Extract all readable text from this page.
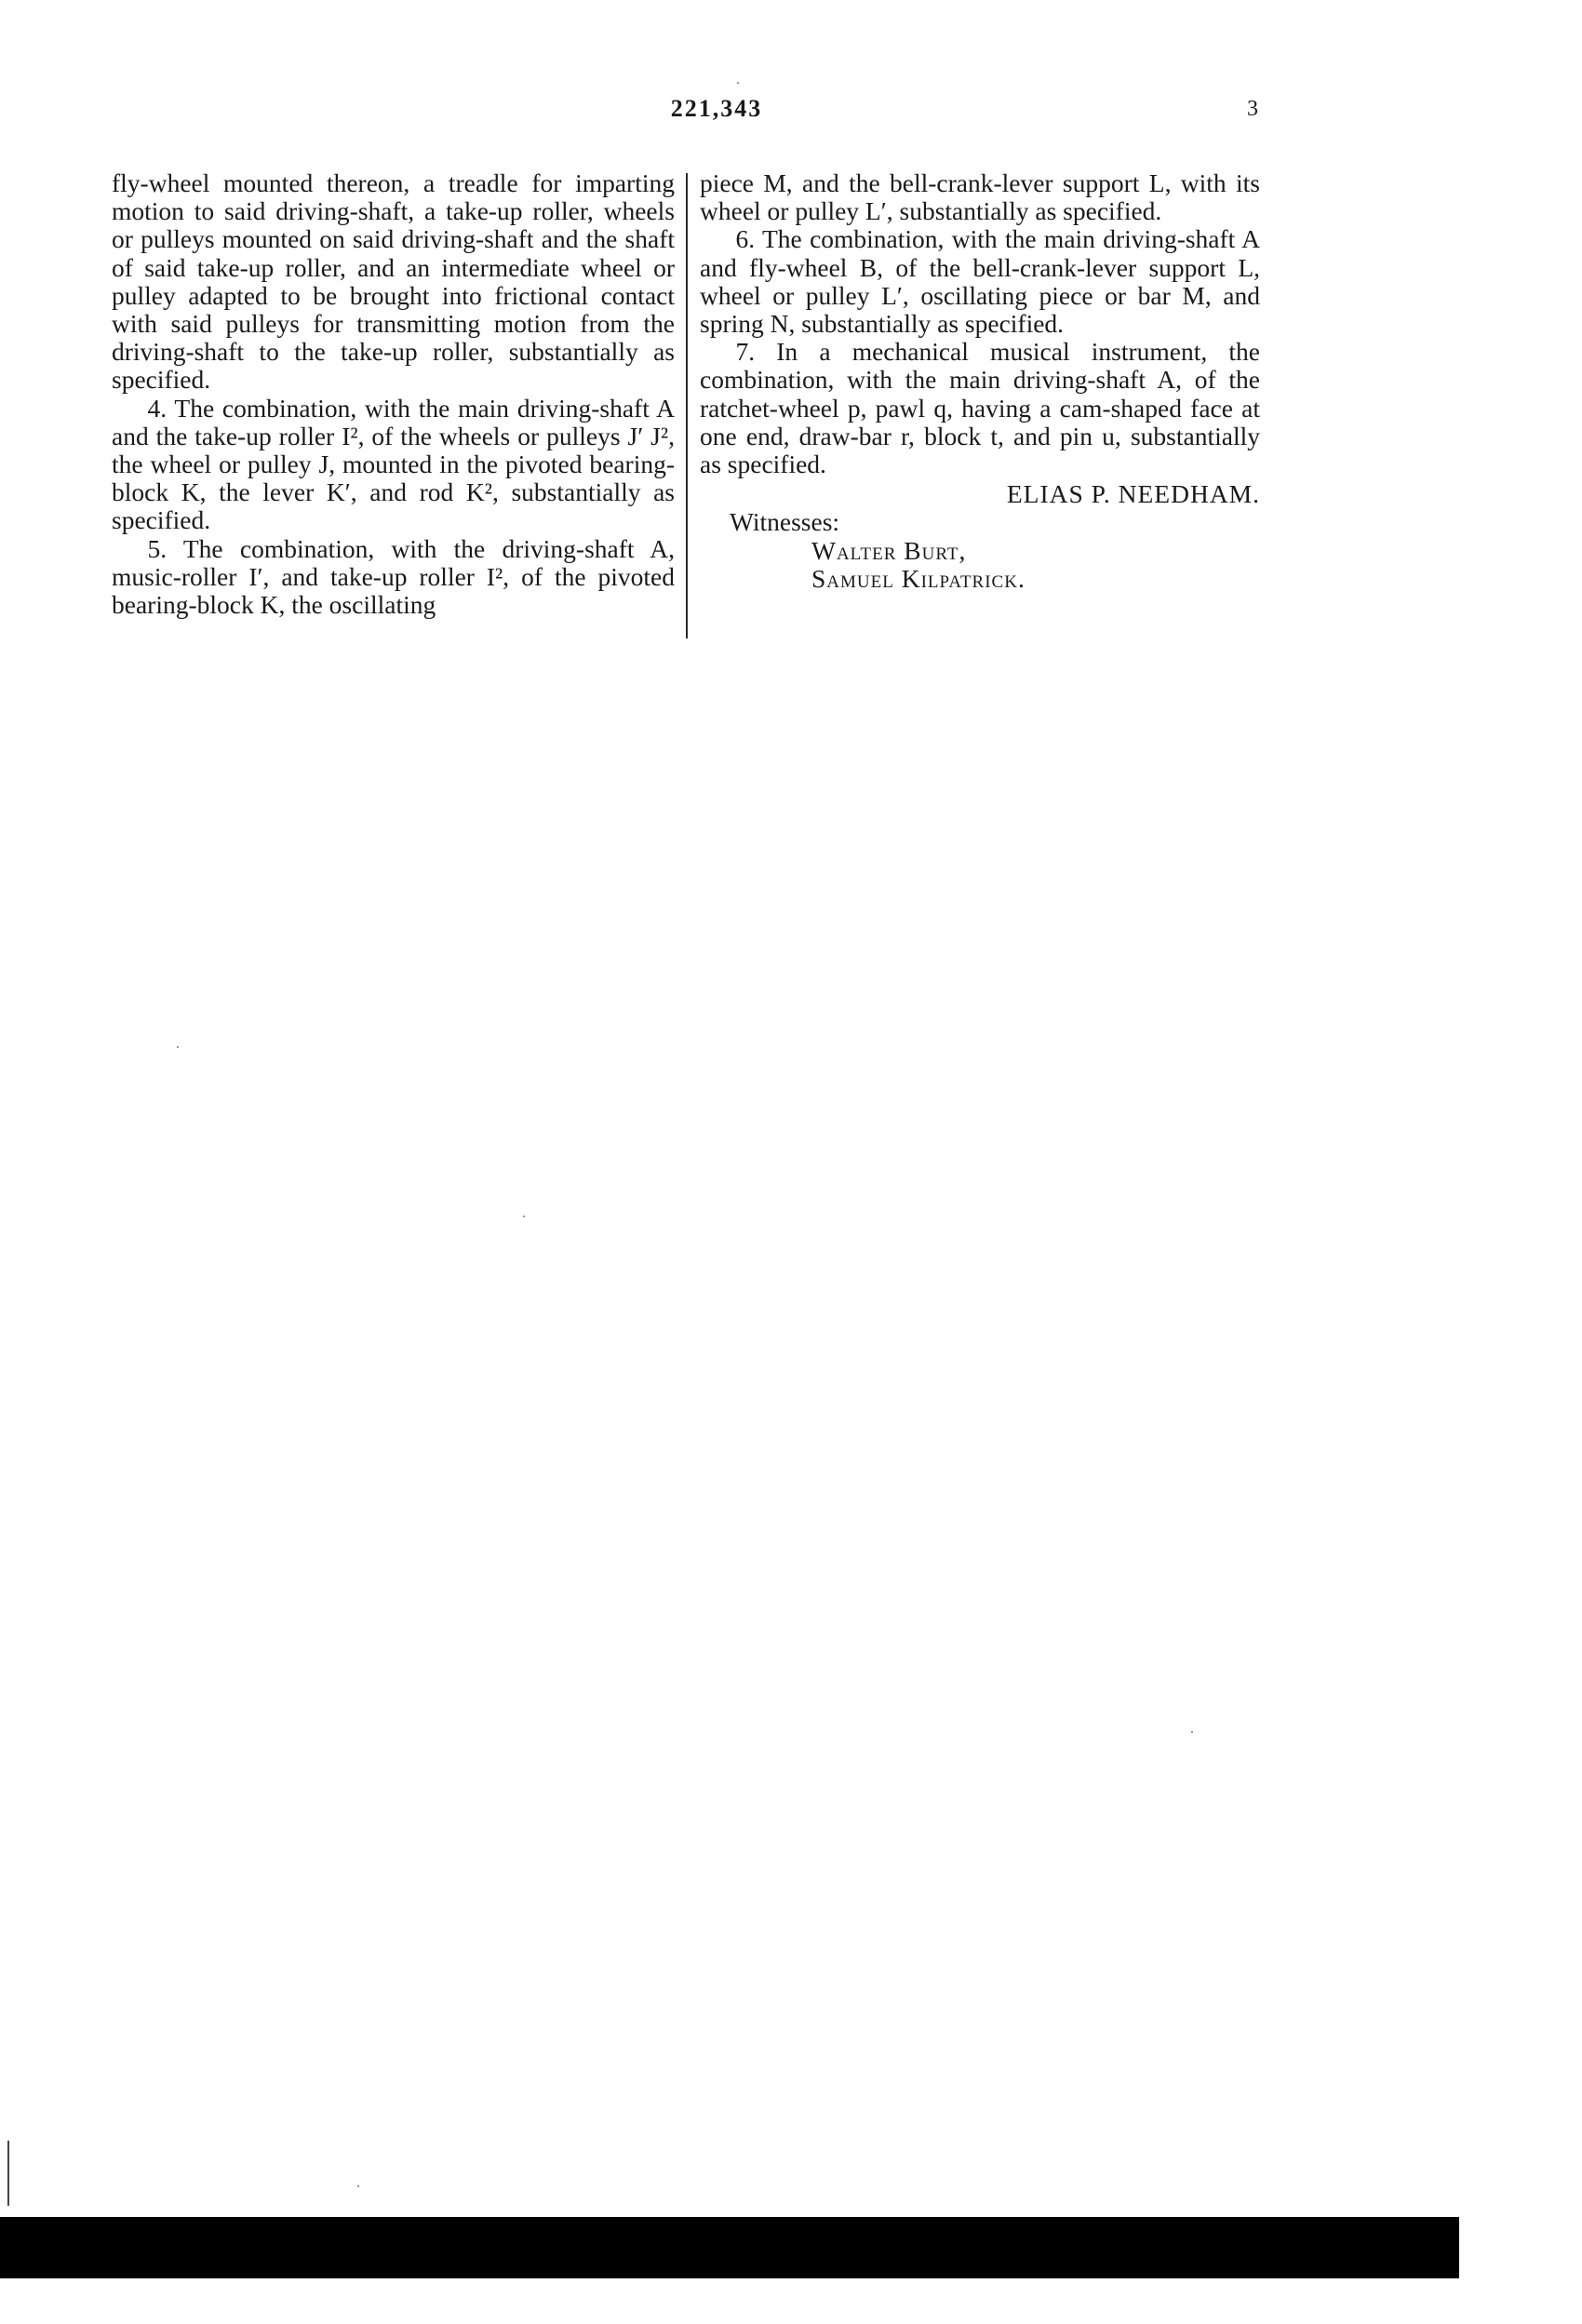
221,343	3

fly-wheel mounted thereon, a treadle for imparting motion to said driving-shaft, a take-up roller, wheels or pulleys mounted on said driving-shaft and the shaft of said take-up roller, and an intermediate wheel or pulley adapted to be brought into frictional contact with said pulleys for transmitting motion from the driving-shaft to the take-up roller, substantially as specified.

4. The combination, with the main driving-shaft A and the take-up roller I², of the wheels or pulleys J′ J², the wheel or pulley J, mounted in the pivoted bearing-block K, the lever K′, and rod K², substantially as specified.

5. The combination, with the driving-shaft A, music-roller I′, and take-up roller I², of the pivoted bearing-block K, the oscillating

piece M, and the bell-crank-lever support L, with its wheel or pulley L′, substantially as specified.

6. The combination, with the main driving-shaft A and fly-wheel B, of the bell-crank-lever support L, wheel or pulley L′, oscillating piece or bar M, and spring N, substantially as specified.

7. In a mechanical musical instrument, the combination, with the main driving-shaft A, of the ratchet-wheel p, pawl q, having a cam-shaped face at one end, draw-bar r, block t, and pin u, substantially as specified.

ELIAS P. NEEDHAM.

Witnesses:

Walter Burt,

Samuel Kilpatrick.
